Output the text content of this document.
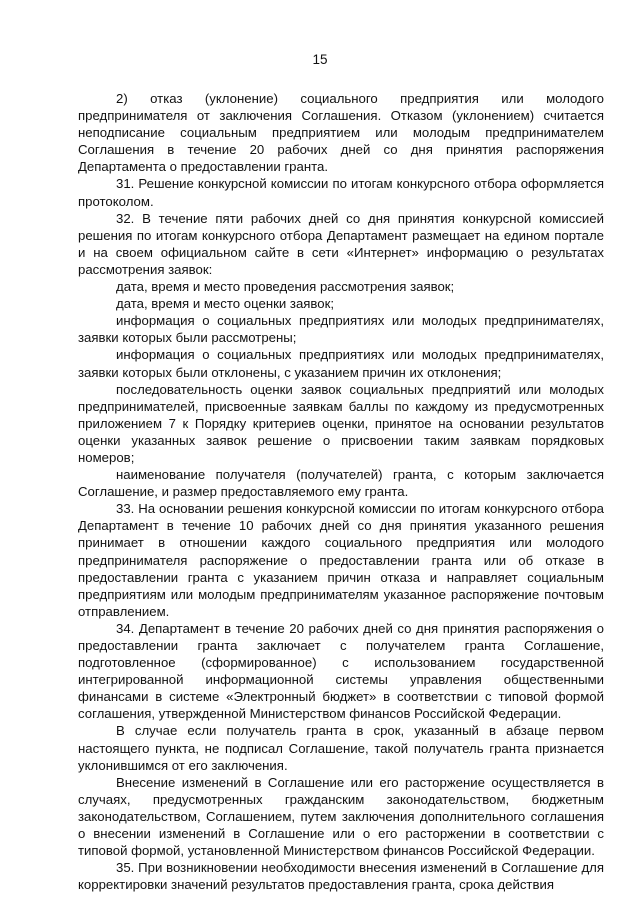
15

2) отказ (уклонение) социального предприятия или молодого предпринимателя от заключения Соглашения. Отказом (уклонением) считается неподписание социальным предприятием или молодым предпринимателем Соглашения в течение 20 рабочих дней со дня принятия распоряжения Департамента о предоставлении гранта.

31. Решение конкурсной комиссии по итогам конкурсного отбора оформляется протоколом.

32. В течение пяти рабочих дней со дня принятия конкурсной комиссией решения по итогам конкурсного отбора Департамент размещает на едином портале и на своем официальном сайте в сети «Интернет» информацию о результатах рассмотрения заявок:

дата, время и место проведения рассмотрения заявок;

дата, время и место оценки заявок;

информация о социальных предприятиях или молодых предпринимателях, заявки которых были рассмотрены;

информация о социальных предприятиях или молодых предпринимателях, заявки которых были отклонены, с указанием причин их отклонения;

последовательность оценки заявок социальных предприятий или молодых предпринимателей, присвоенные заявкам баллы по каждому из предусмотренных приложением 7 к Порядку критериев оценки, принятое на основании результатов оценки указанных заявок решение о присвоении таким заявкам порядковых номеров;

наименование получателя (получателей) гранта, с которым заключается Соглашение, и размер предоставляемого ему гранта.

33. На основании решения конкурсной комиссии по итогам конкурсного отбора Департамент в течение 10 рабочих дней со дня принятия указанного решения принимает в отношении каждого социального предприятия или молодого предпринимателя распоряжение о предоставлении гранта или об отказе в предоставлении гранта с указанием причин отказа и направляет социальным предприятиям или молодым предпринимателям указанное распоряжение почтовым отправлением.

34. Департамент в течение 20 рабочих дней со дня принятия распоряжения о предоставлении гранта заключает с получателем гранта Соглашение, подготовленное (сформированное) с использованием государственной интегрированной информационной системы управления общественными финансами в системе «Электронный бюджет» в соответствии с типовой формой соглашения, утвержденной Министерством финансов Российской Федерации.

В случае если получатель гранта в срок, указанный в абзаце первом настоящего пункта, не подписал Соглашение, такой получатель гранта признается уклонившимся от его заключения.

Внесение изменений в Соглашение или его расторжение осуществляется в случаях, предусмотренных гражданским законодательством, бюджетным законодательством, Соглашением, путем заключения дополнительного соглашения о внесении изменений в Соглашение или о его расторжении в соответствии с типовой формой, установленной Министерством финансов Российской Федерации.

35. При возникновении необходимости внесения изменений в Соглашение для корректировки значений результатов предоставления гранта, срока действия
